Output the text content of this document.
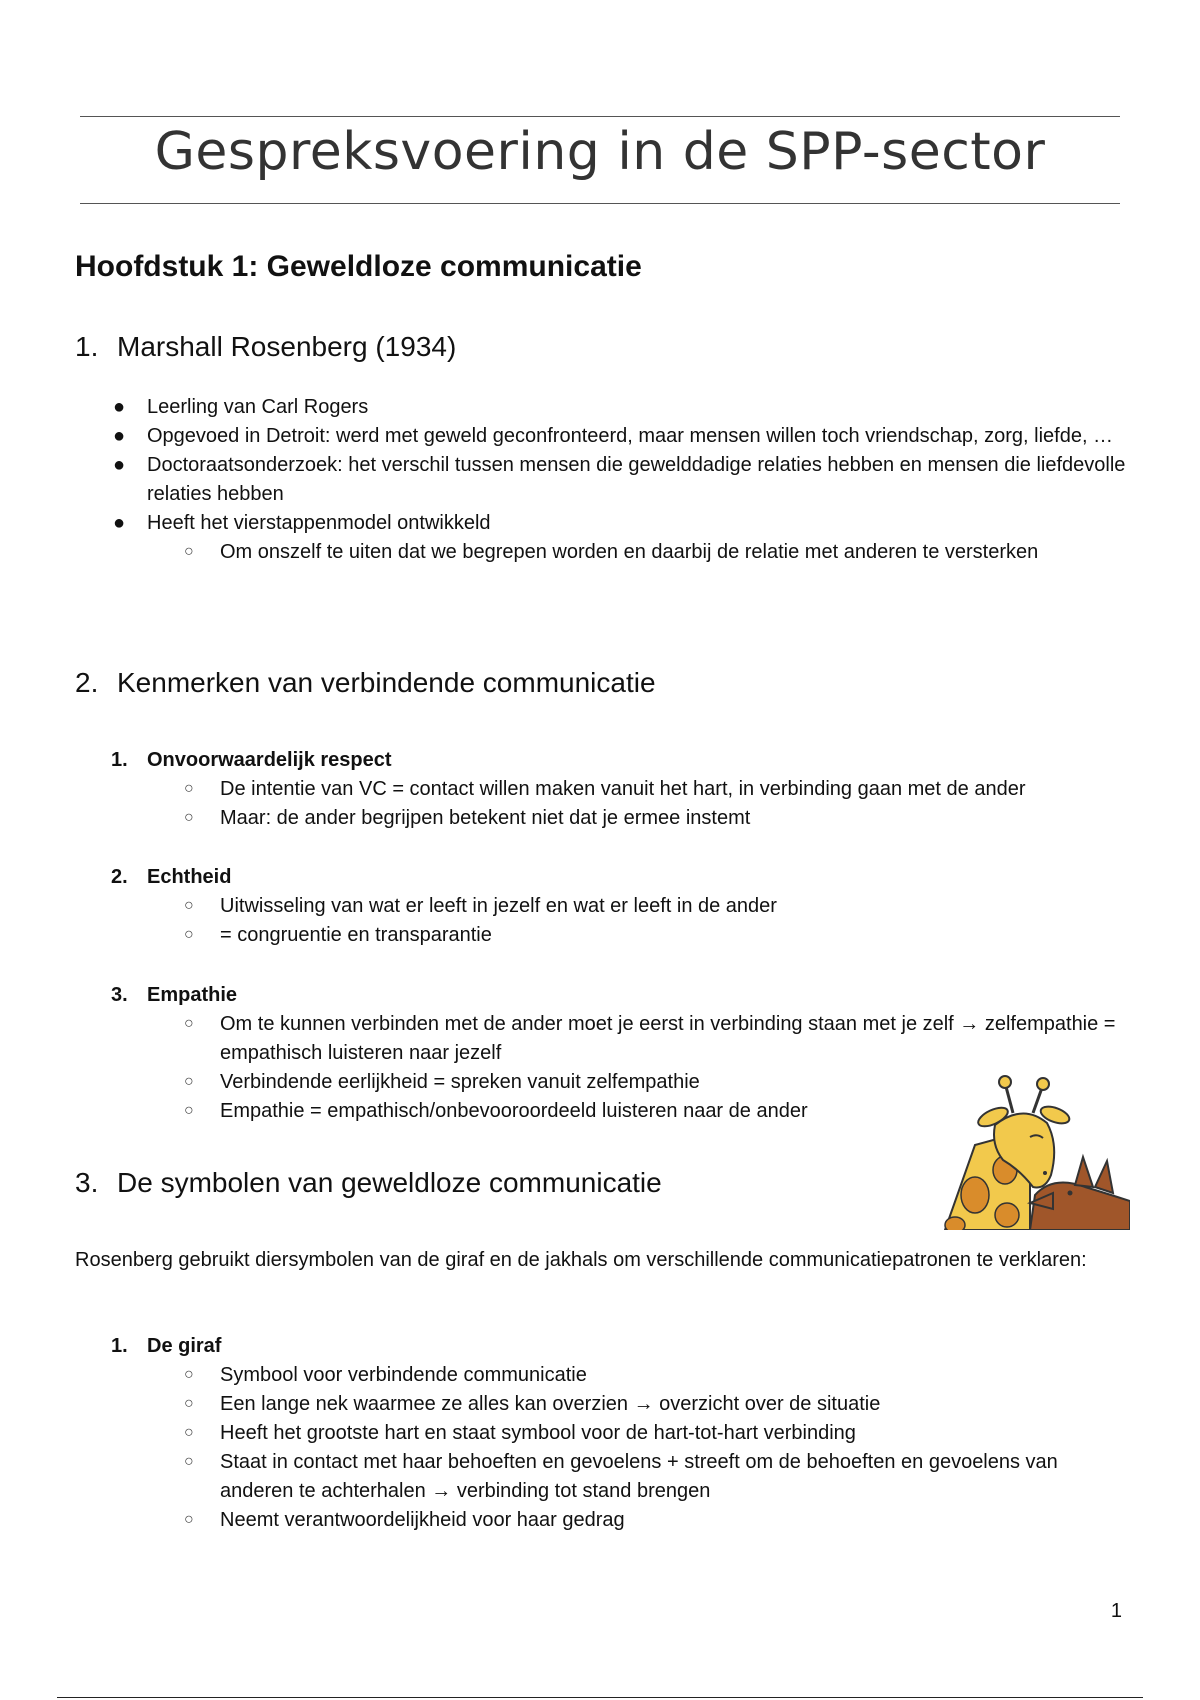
Gespreksvoering in de SPP-sector
Hoofdstuk 1: Geweldloze communicatie
1. Marshall Rosenberg (1934)
● Leerling van Carl Rogers
● Opgevoed in Detroit: werd met geweld geconfronteerd, maar mensen willen toch vriendschap, zorg, liefde, …
● Doctoraatsonderzoek: het verschil tussen mensen die gewelddadige relaties hebben en mensen die liefdevolle relaties hebben
● Heeft het vierstappenmodel ontwikkeld
○ Om onszelf te uiten dat we begrepen worden en daarbij de relatie met anderen te versterken
2. Kenmerken van verbindende communicatie
1. Onvoorwaardelijk respect
○ De intentie van VC = contact willen maken vanuit het hart, in verbinding gaan met de ander
○ Maar: de ander begrijpen betekent niet dat je ermee instemt
2. Echtheid
○ Uitwisseling van wat er leeft in jezelf en wat er leeft in de ander
○ = congruentie en transparantie
3. Empathie
○ Om te kunnen verbinden met de ander moet je eerst in verbinding staan met je zelf → zelfempathie = empathisch luisteren naar jezelf
○ Verbindende eerlijkheid = spreken vanuit zelfempathie
○ Empathie = empathisch/onbevooroordeeld luisteren naar de ander
3. De symbolen van geweldloze communicatie
Rosenberg gebruikt diersymbolen van de giraf en de jakhals om verschillende communicatiepatronen te verklaren:
1. De giraf
○ Symbool voor verbindende communicatie
○ Een lange nek waarmee ze alles kan overzien → overzicht over de situatie
○ Heeft het grootste hart en staat symbool voor de hart-tot-hart verbinding
○ Staat in contact met haar behoeften en gevoelens + streeft om de behoeften en gevoelens van anderen te achterhalen → verbinding tot stand brengen
○ Neemt verantwoordelijkheid voor haar gedrag
1
